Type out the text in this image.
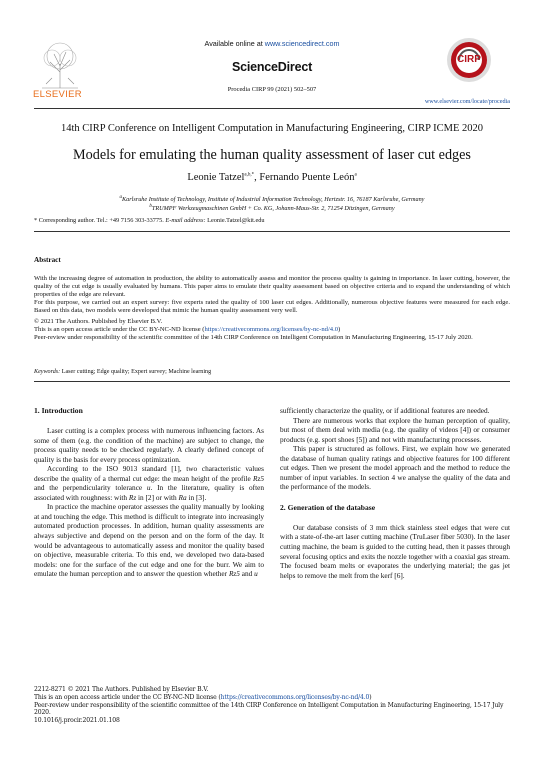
ELSEVIER
Available online at www.sciencedirect.com
ScienceDirect
Procedia CIRP 99 (2021) 502–507
CIRP
www.elsevier.com/locate/procedia
14th CIRP Conference on Intelligent Computation in Manufacturing Engineering, CIRP ICME 2020
Models for emulating the human quality assessment of laser cut edges
Leonie Tatzel$^{a,b,*}$, Fernando Puente León$^a$
$^a$Karlsruhe Institute of Technology, Institute of Industrial Information Technology, Hertzstr. 16, 76187 Karlsruhe, Germany
$^b$TRUMPF Werkzeugmaschinen GmbH + Co. KG, Johann-Maus-Str. 2, 71254 Ditzingen, Germany
* Corresponding author. Tel.: +49 7156 303-33775. E-mail address: Leonie.Tatzel@kit.edu
Abstract

With the increasing degree of automation in production, the ability to automatically assess and monitor the process quality is gaining in importance. In laser cutting, however, the quality of the cut edge is usually evaluated by humans. This paper aims to emulate their quality assessment based on objective criteria and to expand the understanding of which properties of the edge are relevant.

For this purpose, we carried out an expert survey: five experts rated the quality of 100 laser cut edges. Additionally, numerous objective features were measured for each edge. Based on this data, two models were developed that mimic the human quality assessment very well.

© 2021 The Authors. Published by Elsevier B.V.

This is an open access article under the CC BY-NC-ND license (https://creativecommons.org/licenses/by-nc-nd/4.0)

Peer-review under responsibility of the scientific committee of the 14th CIRP Conference on Intelligent Computation in Manufacturing Engineering, 15-17 July 2020.

Keywords: Laser cutting; Edge quality; Expert survey; Machine learning
1. Introduction

Laser cutting is a complex process with numerous influencing factors. As some of them (e.g. the condition of the machine) are subject to change, the process quality needs to be checked regularly. A clearly defined concept of quality is the basis for every process optimization.

According to the ISO 9013 standard [1], two characteristic values describe the quality of a thermal cut edge: the mean height of the profile Rz5 and the perpendicularity tolerance u. In the literature, quality is often associated with roughness: with Rz in [2] or with Ra in [3].

In practice the machine operator assesses the quality manually by looking at and touching the edge. This method is difficult to integrate into increasingly automated production processes. In addition, human quality assessments are always subjective and depend on the person and on the form of the day. It would be advantageous to automatically assess and monitor the quality based on objective, measurable criteria. To this end, we developed two data-based models: one for the surface of the cut edge and one for the burr. We aim to emulate the human perception and to answer the question whether Rz5 and u

sufficiently characterize the quality, or if additional features are needed.

There are numerous works that explore the human perception of quality, but most of them deal with media (e.g. the quality of videos [4]) or consumer products (e.g. sport shoes [5]) and not with manufacturing processes.

This paper is structured as follows. First, we explain how we generated the database of human quality ratings and objective features for 100 different cut edges. Then we present the model approach and the method to reduce the number of input variables. In section 4 we analyse the quality of the data and the performance of the models.

2. Generation of the database

Our database consists of 3 mm thick stainless steel edges that were cut with a state-of-the-art laser cutting machine (TruLaser fiber 5030). In the laser cutting machine, the beam is guided to the cutting head, then it passes through several focusing optics and exits the nozzle together with a coaxial gas stream. The focused beam melts or evaporates the underlying material; the gas jet helps to remove the melt from the kerf [6].

2212-8271 © 2021 The Authors. Published by Elsevier B.V.
This is an open access article under the CC BY-NC-ND license (https://creativecommons.org/licenses/by-nc-nd/4.0)
Peer-review under responsibility of the scientific committee of the 14th CIRP Conference on Intelligent Computation in Manufacturing Engineering, 15-17 July 2020.
10.1016/j.procir.2021.01.108
